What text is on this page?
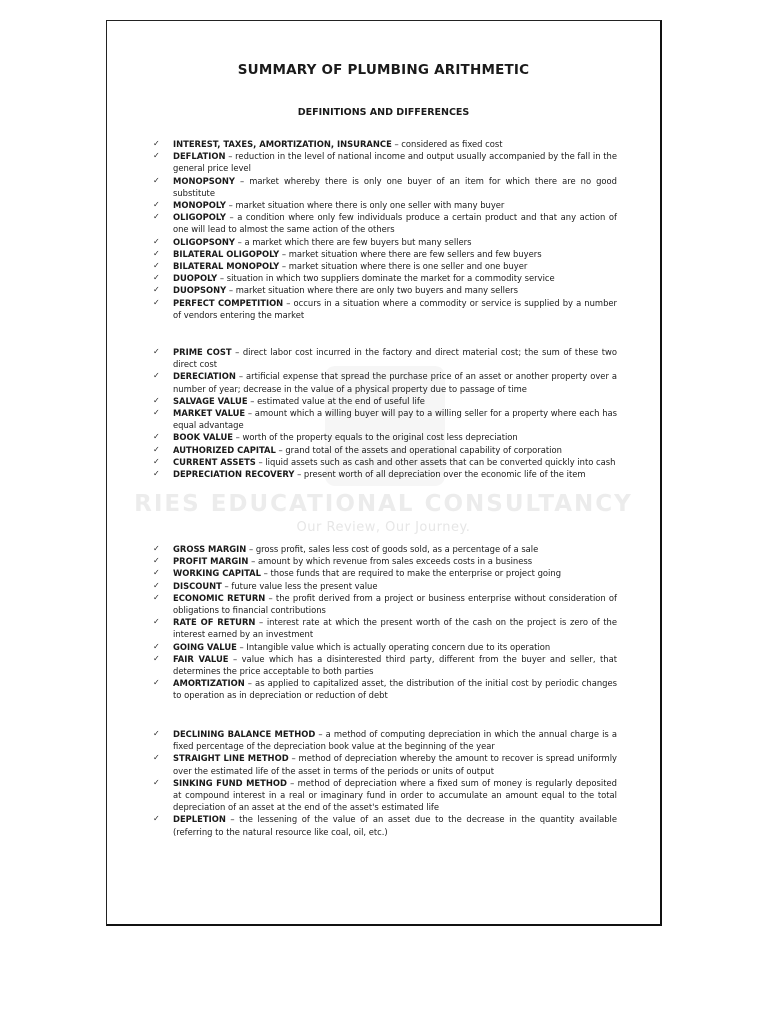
RIES EDUCATIONAL CONSULTANCY
Our Review, Our Journey.
SUMMARY OF PLUMBING ARITHMETIC
DEFINITIONS AND DIFFERENCES
✓ INTEREST, TAXES, AMORTIZATION, INSURANCE – considered as fixed cost
✓ DEFLATION – reduction in the level of national income and output usually accompanied by the fall in the general price level
✓ MONOPSONY – market whereby there is only one buyer of an item for which there are no good substitute
✓ MONOPOLY – market situation where there is only one seller with many buyer
✓ OLIGOPOLY – a condition where only few individuals produce a certain product and that any action of one will lead to almost the same action of the others
✓ OLIGOPSONY – a market which there are few buyers but many sellers
✓ BILATERAL OLIGOPOLY – market situation where there are few sellers and few buyers
✓ BILATERAL MONOPOLY – market situation where there is one seller and one buyer
✓ DUOPOLY – situation in which two suppliers dominate the market for a commodity service
✓ DUOPSONY – market situation where there are only two buyers and many sellers
✓ PERFECT COMPETITION – occurs in a situation where a commodity or service is supplied by a number of vendors entering the market
✓ PRIME COST – direct labor cost incurred in the factory and direct material cost; the sum of these two direct cost
✓ DERECIATION – artificial expense that spread the purchase price of an asset or another property over a number of year; decrease in the value of a physical property due to passage of time
✓ SALVAGE VALUE – estimated value at the end of useful life
✓ MARKET VALUE – amount which a willing buyer will pay to a willing seller for a property where each has equal advantage
✓ BOOK VALUE – worth of the property equals to the original cost less depreciation
✓ AUTHORIZED CAPITAL – grand total of the assets and operational capability of corporation
✓ CURRENT ASSETS – liquid assets such as cash and other assets that can be converted quickly into cash
✓ DEPRECIATION RECOVERY – present worth of all depreciation over the economic life of the item
✓ GROSS MARGIN – gross profit, sales less cost of goods sold, as a percentage of a sale
✓ PROFIT MARGIN – amount by which revenue from sales exceeds costs in a business
✓ WORKING CAPITAL – those funds that are required to make the enterprise or project going
✓ DISCOUNT – future value less the present value
✓ ECONOMIC RETURN – the profit derived from a project or business enterprise without consideration of obligations to financial contributions
✓ RATE OF RETURN – interest rate at which the present worth of the cash on the project is zero of the interest earned by an investment
✓ GOING VALUE – Intangible value which is actually operating concern due to its operation
✓ FAIR VALUE – value which has a disinterested third party, different from the buyer and seller, that determines the price acceptable to both parties
✓ AMORTIZATION – as applied to capitalized asset, the distribution of the initial cost by periodic changes to operation as in depreciation or reduction of debt
✓ DECLINING BALANCE METHOD – a method of computing depreciation in which the annual charge is a fixed percentage of the depreciation book value at the beginning of the year
✓ STRAIGHT LINE METHOD – method of depreciation whereby the amount to recover is spread uniformly over the estimated life of the asset in terms of the periods or units of output
✓ SINKING FUND METHOD – method of depreciation where a fixed sum of money is regularly deposited at compound interest in a real or imaginary fund in order to accumulate an amount equal to the total depreciation of an asset at the end of the asset's estimated life
✓ DEPLETION – the lessening of the value of an asset due to the decrease in the quantity available (referring to the natural resource like coal, oil, etc.)
